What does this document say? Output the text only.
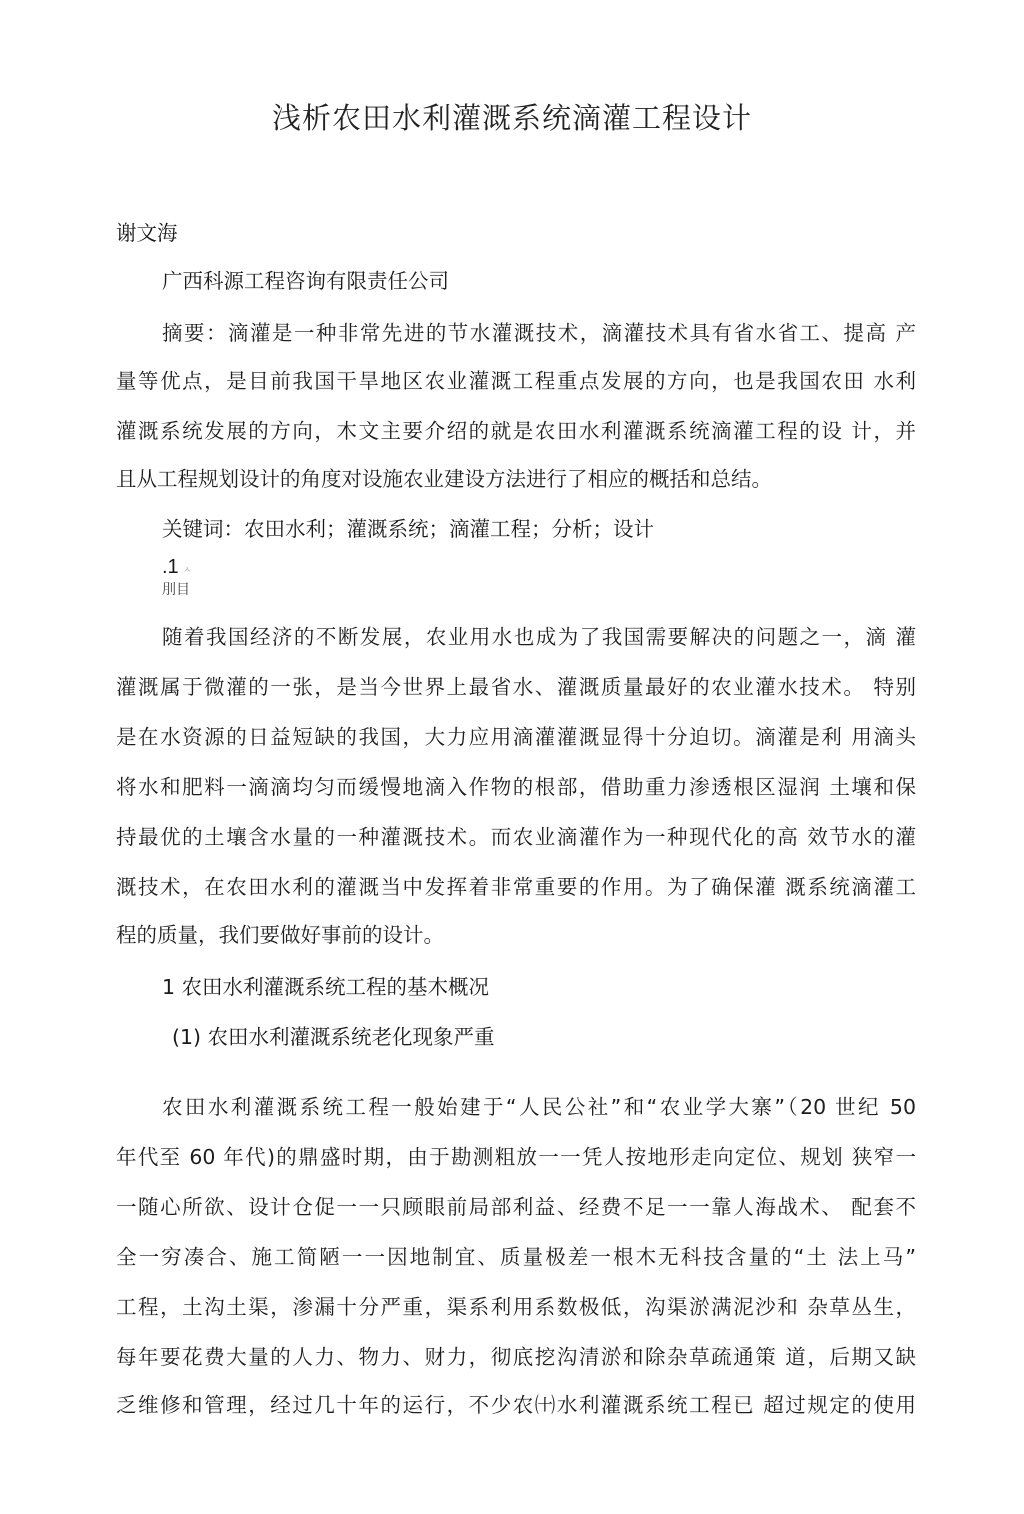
浅析农田水利灌溉系统滴灌工程设计
谢文海
广西科源工程咨询有限责任公司
摘要：滴灌是一种非常先进的节水灌溉技术，滴灌技术具有省水省工、提高 产
量等优点，是目前我国干旱地区农业灌溉工程重点发展的方向，也是我国农田 水利
灌溉系统发展的方向，木文主要介绍的就是农田水利灌溉系统滴灌工程的设 计，并
且从工程规划设计的角度对设施农业建设方法进行了相应的概括和总结。
关键词：农田水利；灌溉系统；滴灌工程；分析；设计
.1 ㅅ
刖目
随着我国经济的不断发展，农业用水也成为了我国需要解决的问题之一，滴 灌
灌溉属于微灌的一张，是当今世界上最省水、灌溉质量最好的农业灌水技术。 特别
是在水资源的日益短缺的我国，大力应用滴灌灌溉显得十分迫切。滴灌是利 用滴头
将水和肥料一滴滴均匀而缓慢地滴入作物的根部，借助重力渗透根区湿润 土壤和保
持最优的土壤含水量的一种灌溉技术。而农业滴灌作为一种现代化的高 效节水的灌
溉技术，在农田水利的灌溉当中发挥着非常重要的作用。为了确保灌 溉系统滴灌工
程的质量，我们要做好事前的设计。
1 农田水利灌溉系统工程的基木概况
(1) 农田水利灌溉系统老化现象严重
农田水利灌溉系统工程一般始建于“人民公社”和“农业学大寨”（20 世纪 50
年代至 60 年代)的鼎盛时期，由于勘测粗放一一凭人按地形走向定位、规划 狭窄一
一随心所欲、设计仓促一一只顾眼前局部利益、经费不足一一靠人海战术、 配套不
全一穷凑合、施工简陋一一因地制宜、质量极差一根木无科技含量的“土 法上马”
工程，土沟土渠，渗漏十分严重，渠系利用系数极低，沟渠淤满泥沙和 杂草丛生，
每年要花费大量的人力、物力、财力，彻底挖沟清淤和除杂草疏通策 道，后期又缺
乏维修和管理，经过几十年的运行，不少农㈩水利灌溉系统工程已 超过规定的使用
